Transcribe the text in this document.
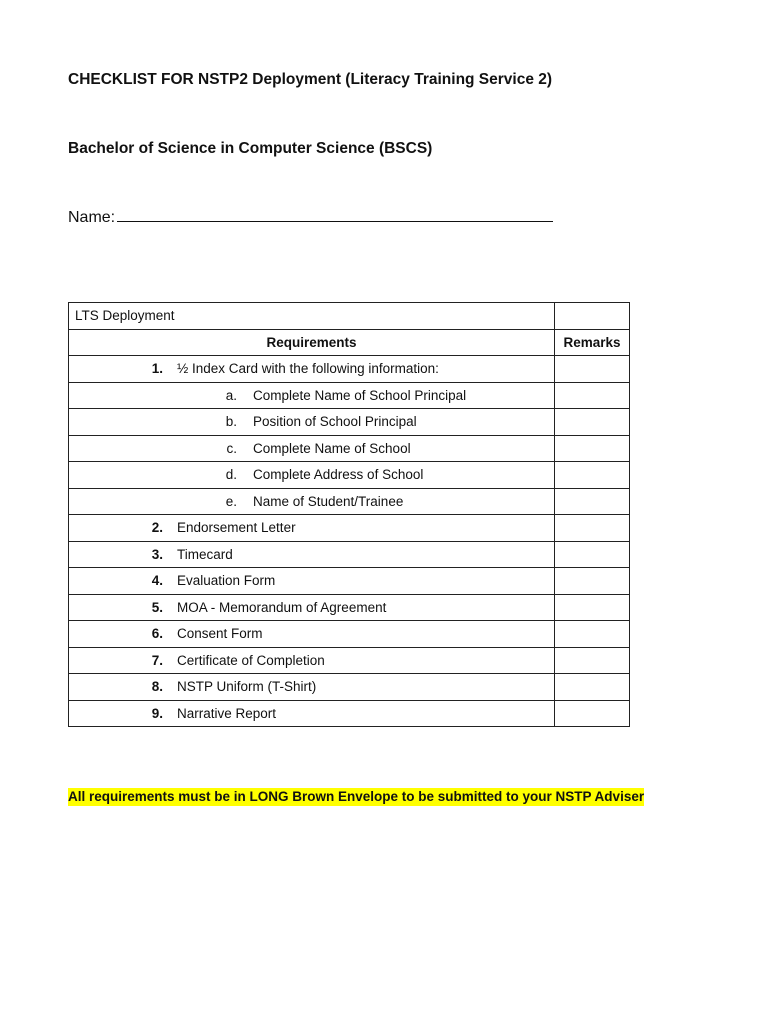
CHECKLIST FOR NSTP2 Deployment (Literacy Training Service 2)
Bachelor of Science in Computer Science (BSCS)
Name:
LTS Deployment	
Requirements	Remarks
1. ½ Index Card with the following information:	
a. Complete Name of School Principal	
b. Position of School Principal	
c. Complete Name of School	
d. Complete Address of School	
e. Name of Student/Trainee	
2. Endorsement Letter	
3. Timecard	
4. Evaluation Form	
5. MOA - Memorandum of Agreement	
6. Consent Form	
7. Certificate of Completion	
8. NSTP Uniform (T-Shirt)	
9. Narrative Report	
All requirements must be in LONG Brown Envelope to be submitted to your NSTP Adviser
